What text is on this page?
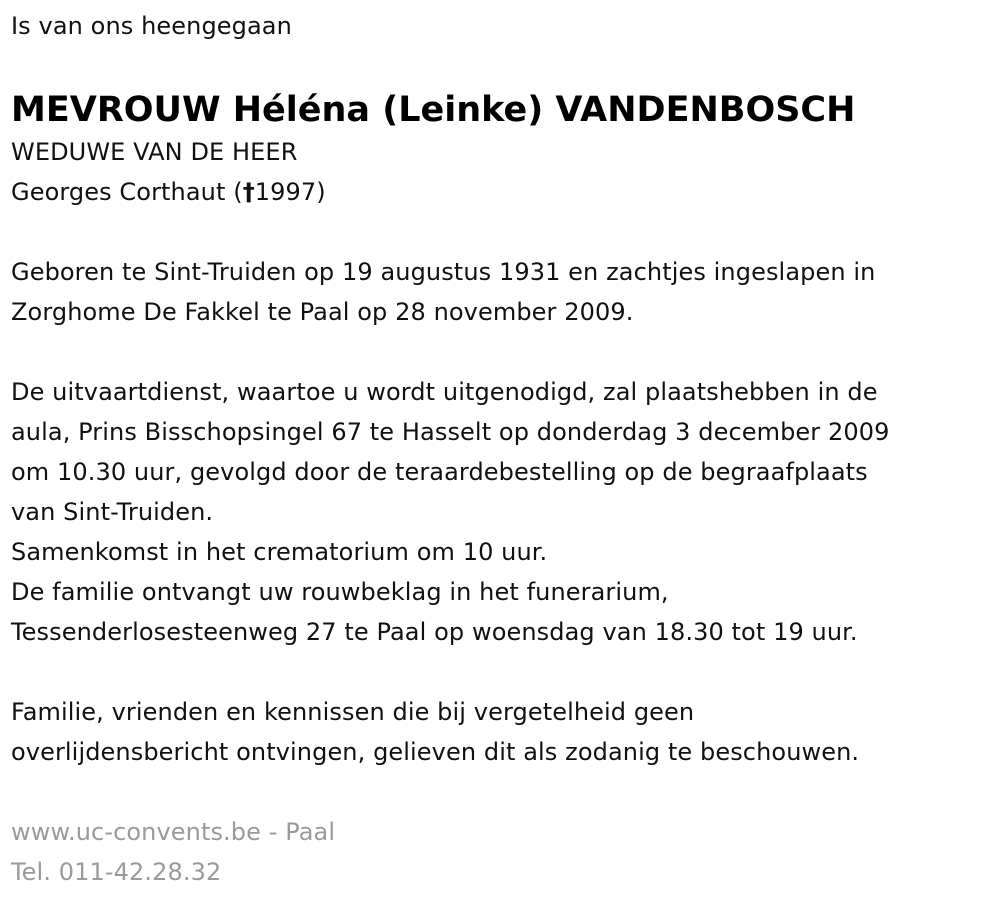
Is van ons heengegaan
MEVROUW Héléna (Leinke) VANDENBOSCH
WEDUWE VAN DE HEER
Georges Corthaut (†1997)
Geboren te Sint-Truiden op 19 augustus 1931 en zachtjes ingeslapen in
Zorghome De Fakkel te Paal op 28 november 2009.
De uitvaartdienst, waartoe u wordt uitgenodigd, zal plaatshebben in de
aula, Prins Bisschopsingel 67 te Hasselt op donderdag 3 december 2009
om 10.30 uur, gevolgd door de teraardebestelling op de begraafplaats
van Sint-Truiden.
Samenkomst in het crematorium om 10 uur.
De familie ontvangt uw rouwbeklag in het funerarium,
Tessenderlosesteenweg 27 te Paal op woensdag van 18.30 tot 19 uur.
Familie, vrienden en kennissen die bij vergetelheid geen
overlijdensbericht ontvingen, gelieven dit als zodanig te beschouwen.
www.uc-convents.be - Paal
Tel. 011-42.28.32
